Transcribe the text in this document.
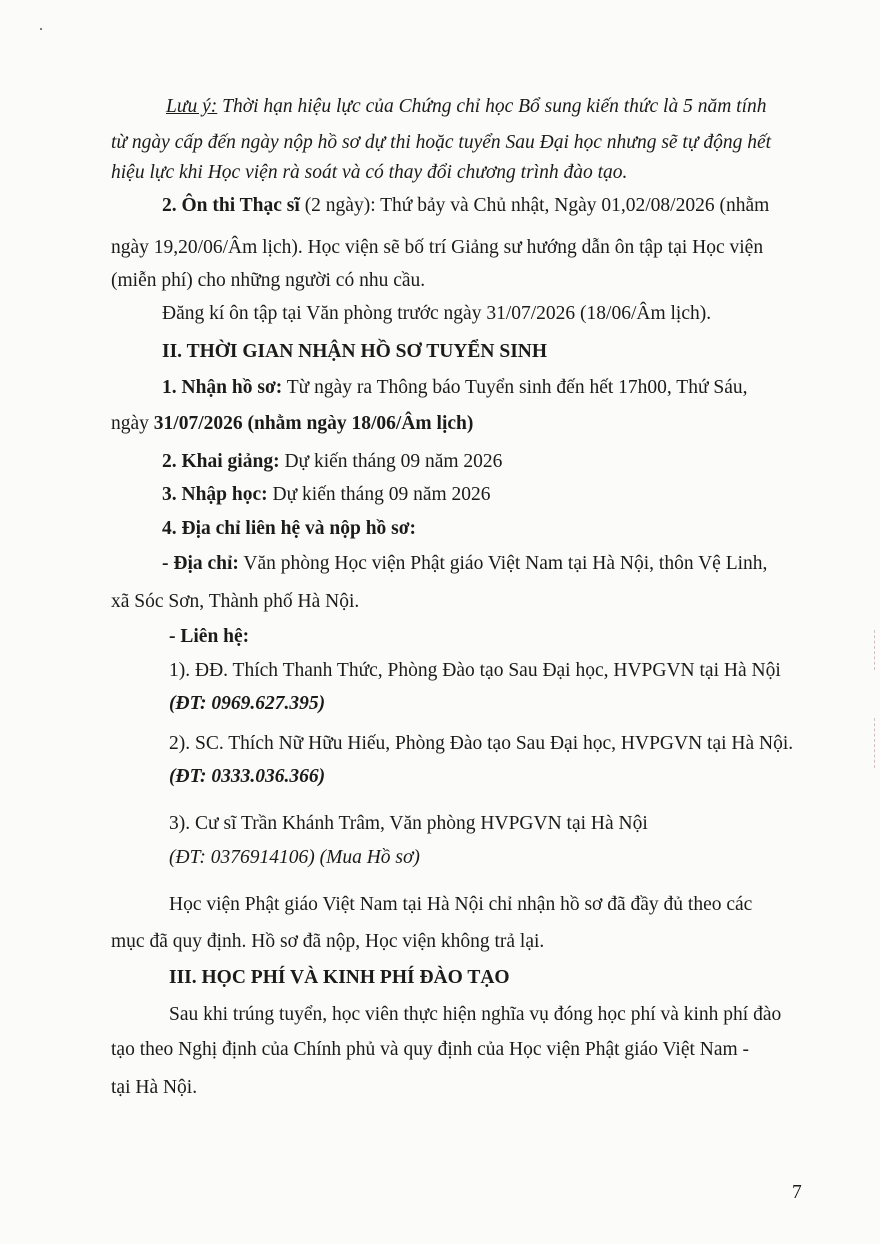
Lưu ý: Thời hạn hiệu lực của Chứng chỉ học Bổ sung kiến thức là 5 năm tính
từ ngày cấp đến ngày nộp hồ sơ dự thi hoặc tuyển Sau Đại học nhưng sẽ tự động hết
hiệu lực khi Học viện rà soát và có thay đổi chương trình đào tạo.
2. Ôn thi Thạc sĩ (2 ngày): Thứ bảy và Chủ nhật, Ngày 01,02/08/2026 (nhằm
ngày 19,20/06/Âm lịch). Học viện sẽ bố trí Giảng sư hướng dẫn ôn tập tại Học viện
(miễn phí) cho những người có nhu cầu.
Đăng kí ôn tập tại Văn phòng trước ngày 31/07/2026 (18/06/Âm lịch).
II. THỜI GIAN NHẬN HỒ SƠ TUYỂN SINH
1. Nhận hồ sơ: Từ ngày ra Thông báo Tuyển sinh đến hết 17h00, Thứ Sáu,
ngày 31/07/2026 (nhằm ngày 18/06/Âm lịch)
2. Khai giảng: Dự kiến tháng 09 năm 2026
3. Nhập học: Dự kiến tháng 09 năm 2026
4. Địa chỉ liên hệ và nộp hồ sơ:
- Địa chỉ: Văn phòng Học viện Phật giáo Việt Nam tại Hà Nội, thôn Vệ Linh,
xã Sóc Sơn, Thành phố Hà Nội.
- Liên hệ:
1). ĐĐ. Thích Thanh Thức, Phòng Đào tạo Sau Đại học, HVPGVN tại Hà Nội
(ĐT: 0969.627.395)
2). SC. Thích Nữ Hữu Hiếu, Phòng Đào tạo Sau Đại học, HVPGVN tại Hà Nội.
(ĐT: 0333.036.366)
3). Cư sĩ Trần Khánh Trâm, Văn phòng HVPGVN tại Hà Nội
(ĐT: 0376914106) (Mua Hồ sơ)
Học viện Phật giáo Việt Nam tại Hà Nội chỉ nhận hồ sơ đã đầy đủ theo các
mục đã quy định. Hồ sơ đã nộp, Học viện không trả lại.
III. HỌC PHÍ VÀ KINH PHÍ ĐÀO TẠO
Sau khi trúng tuyển, học viên thực hiện nghĩa vụ đóng học phí và kinh phí đào
tạo theo Nghị định của Chính phủ và quy định của Học viện Phật giáo Việt Nam -
tại Hà Nội.
7
